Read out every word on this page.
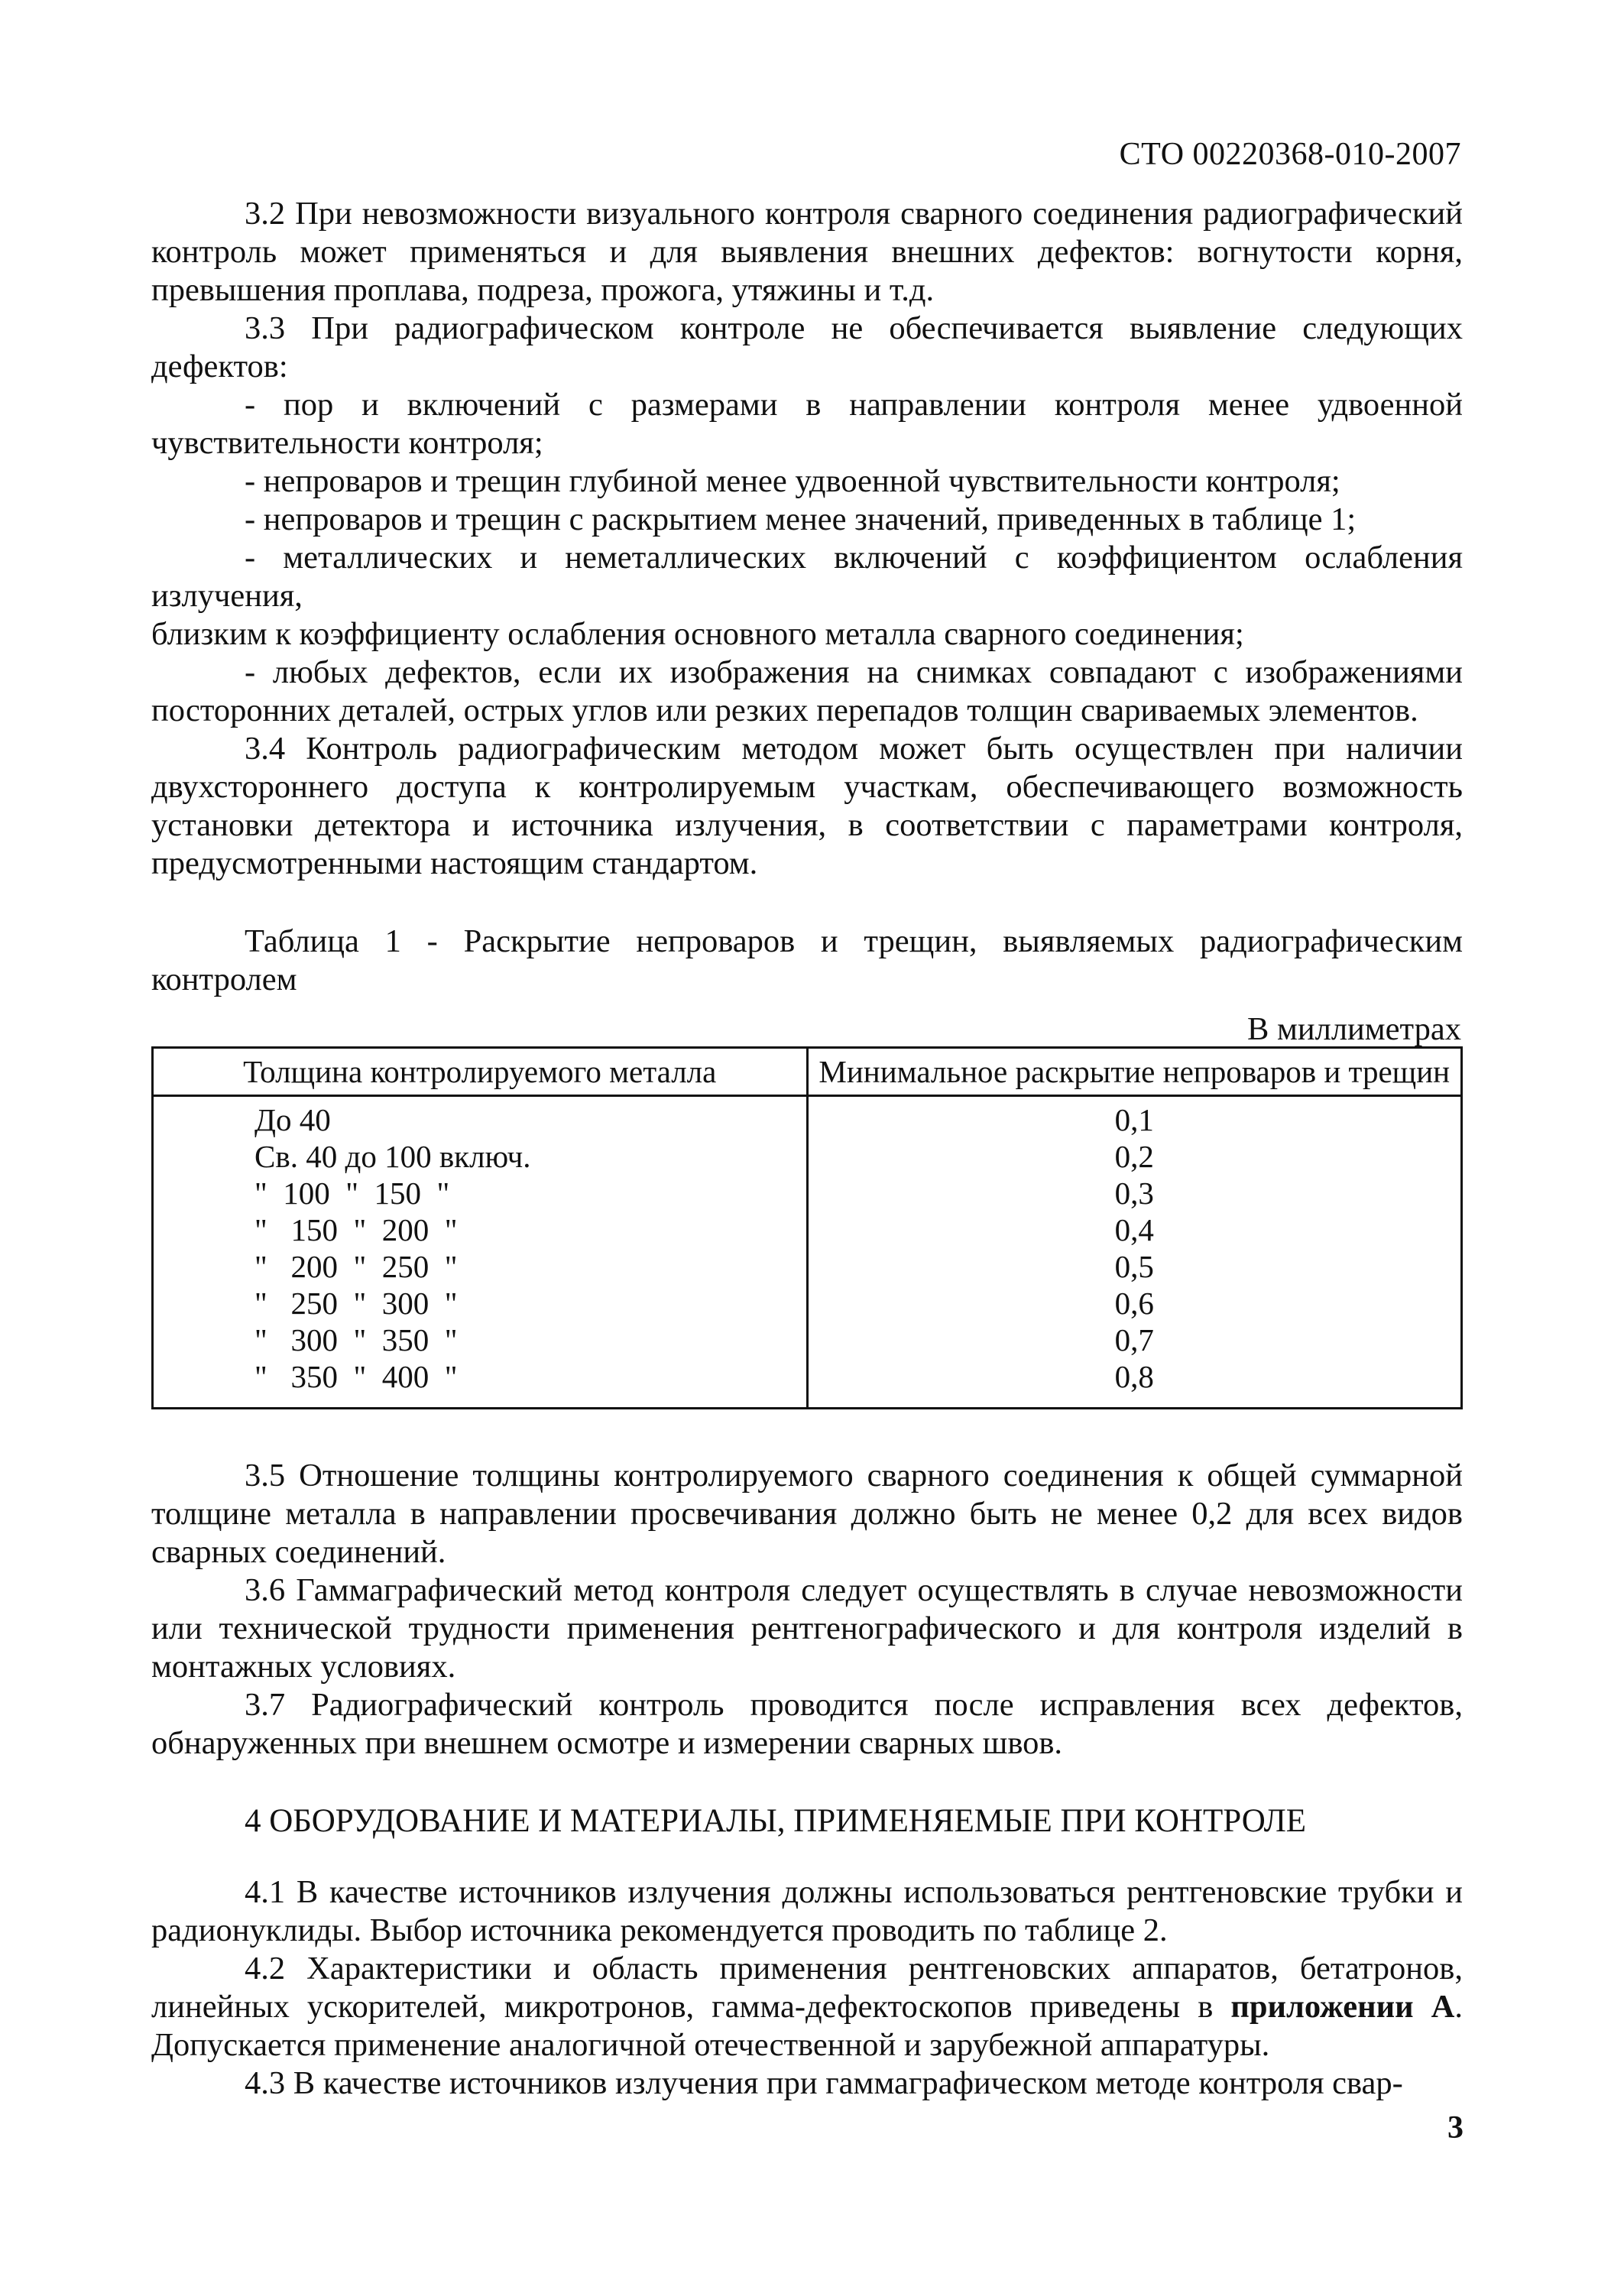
СТО 00220368-010-2007

3.2 При невозможности визуального контроля сварного соединения радиографический контроль может применяться и для выявления внешних дефектов: вогнутости корня, превышения проплава, подреза, прожога, утяжины и т.д.

3.3 При радиографическом контроле не обеспечивается выявление следующих дефектов:

- пор и включений с размерами в направлении контроля менее удвоенной чувствительности контроля;

- непроваров и трещин глубиной менее удвоенной чувствительности контроля;

- непроваров и трещин с раскрытием менее значений, приведенных в таблице 1;

- металлических и неметаллических включений с коэффициентом ослабления излучения,

близким к коэффициенту ослабления основного металла сварного соединения;

- любых дефектов, если их изображения на снимках совпадают с изображениями посторонних деталей, острых углов или резких перепадов толщин свариваемых элементов.

3.4 Контроль радиографическим методом может быть осуществлен при наличии двухстороннего доступа к контролируемым участкам, обеспечивающего возможность установки детектора и источника излучения, в соответствии с параметрами контроля, предусмотренными настоящим стандартом.

Таблица 1 - Раскрытие непроваров и трещин, выявляемых радиографическим контролем

В миллиметрах
Толщина контролируемого металла	Минимальное раскрытие непроваров и трещин
До 40	0,1
Св. 40 до 100 включ.	0,2
"  100  "  150  "	0,3
"   150  "  200  "	0,4
"   200  "  250  "	0,5
"   250  "  300  "	0,6
"   300  "  350  "	0,7
"   350  "  400  "	0,8

3.5 Отношение толщины контролируемого сварного соединения к общей суммарной толщине металла в направлении просвечивания должно быть не менее 0,2 для всех видов сварных соединений.

3.6 Гаммаграфический метод контроля следует осуществлять в случае невозможности или технической трудности применения рентгенографического и для контроля изделий в монтажных условиях.

3.7 Радиографический контроль проводится после исправления всех дефектов, обнаруженных при внешнем осмотре и измерении сварных швов.

4 ОБОРУДОВАНИЕ И МАТЕРИАЛЫ, ПРИМЕНЯЕМЫЕ ПРИ КОНТРОЛЕ

4.1 В качестве источников излучения должны использоваться рентгеновские трубки и радионуклиды. Выбор источника рекомендуется проводить по таблице 2.

4.2 Характеристики и область применения рентгеновских аппаратов, бетатронов, линейных ускорителей, микротронов, гамма-дефектоскопов приведены в приложении А. Допускается применение аналогичной отечественной и зарубежной аппаратуры.

4.3 В качестве источников излучения при гаммаграфическом методе контроля свар-

3
